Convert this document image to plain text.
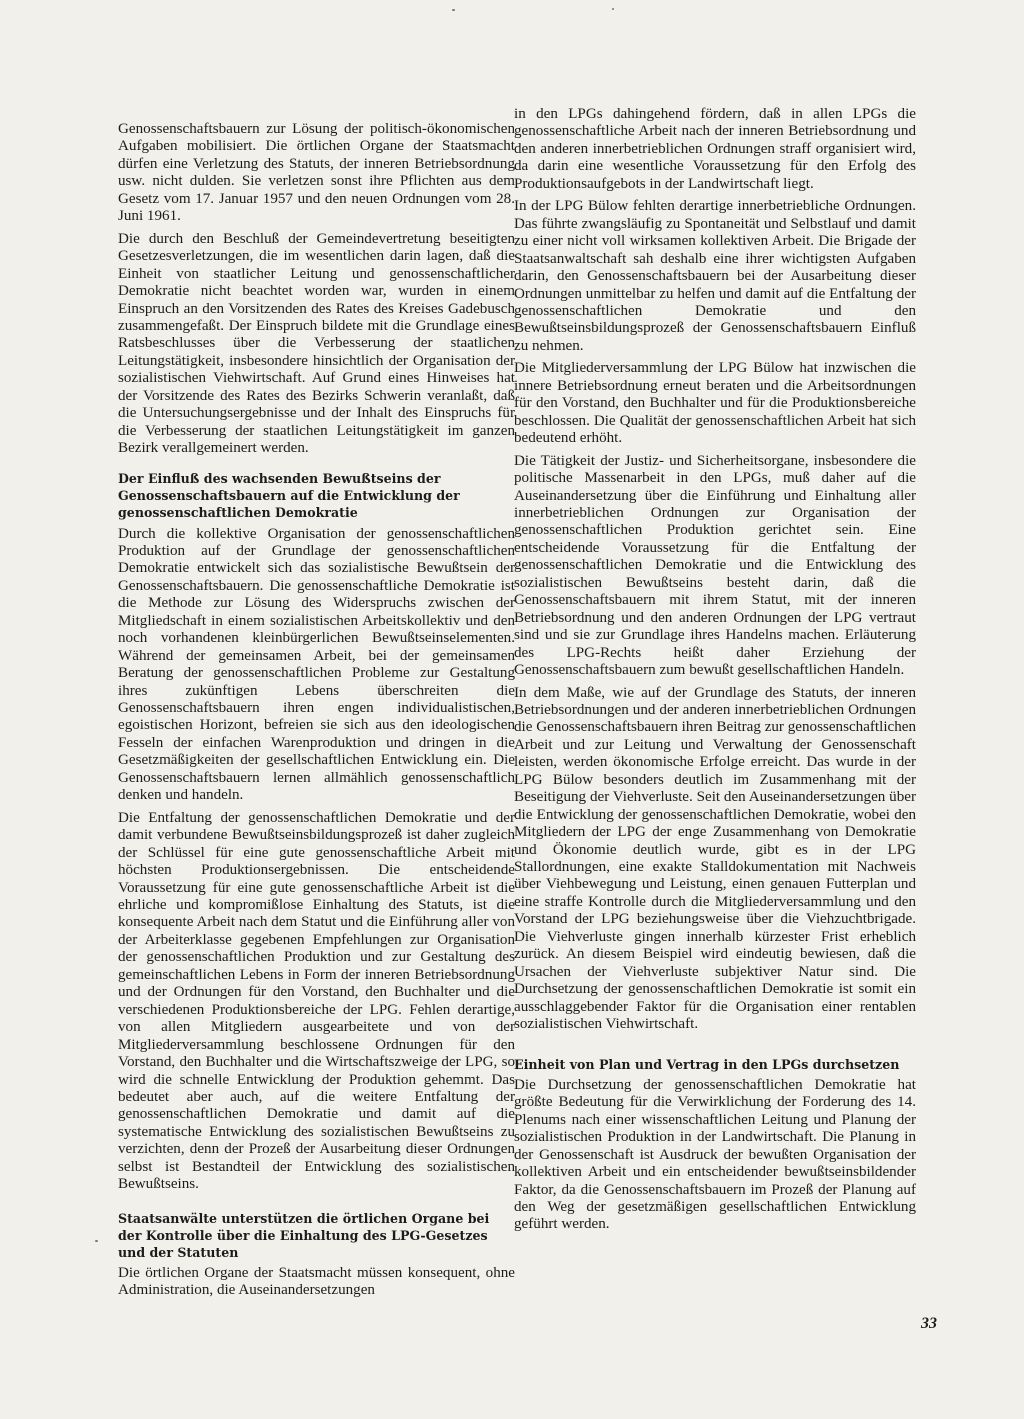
Genossenschaftsbauern zur Lösung der politisch-ökonomischen Aufgaben mobilisiert. Die örtlichen Organe der Staatsmacht dürfen eine Verletzung des Statuts, der inneren Betriebsordnung usw. nicht dulden. Sie verletzen sonst ihre Pflichten aus dem Gesetz vom 17. Januar 1957 und den neuen Ordnungen vom 28. Juni 1961.

Die durch den Beschluß der Gemeindevertretung beseitigten Gesetzesverletzungen, die im wesentlichen darin lagen, daß die Einheit von staatlicher Leitung und genossenschaftlicher Demokratie nicht beachtet worden war, wurden in einem Einspruch an den Vorsitzenden des Rates des Kreises Gadebusch zusammengefaßt. Der Einspruch bildete mit die Grundlage eines Ratsbeschlusses über die Verbesserung der staatlichen Leitungstätigkeit, insbesondere hinsichtlich der Organisation der sozialistischen Viehwirtschaft. Auf Grund eines Hinweises hat der Vorsitzende des Rates des Bezirks Schwerin veranlaßt, daß die Untersuchungsergebnisse und der Inhalt des Einspruchs für die Verbesserung der staatlichen Leitungstätigkeit im ganzen Bezirk verallgemeinert werden.

Der Einfluß des wachsenden Bewußtseins der Genossenschaftsbauern auf die Entwicklung der genossenschaftlichen Demokratie

Durch die kollektive Organisation der genossenschaftlichen Produktion auf der Grundlage der genossenschaftlichen Demokratie entwickelt sich das sozialistische Bewußtsein der Genossenschaftsbauern. Die genossenschaftliche Demokratie ist die Methode zur Lösung des Widerspruchs zwischen der Mitgliedschaft in einem sozialistischen Arbeitskollektiv und den noch vorhandenen kleinbürgerlichen Bewußtseinselementen. Während der gemeinsamen Arbeit, bei der gemeinsamen Beratung der genossenschaftlichen Probleme zur Gestaltung ihres zukünftigen Lebens überschreiten die Genossenschaftsbauern ihren engen individualistischen, egoistischen Horizont, befreien sie sich aus den ideologischen Fesseln der einfachen Warenproduktion und dringen in die Gesetzmäßigkeiten der gesellschaftlichen Entwicklung ein. Die Genossenschaftsbauern lernen allmählich genossenschaftlich denken und handeln.

Die Entfaltung der genossenschaftlichen Demokratie und der damit verbundene Bewußtseinsbildungsprozeß ist daher zugleich der Schlüssel für eine gute genossenschaftliche Arbeit mit höchsten Produktionsergebnissen. Die entscheidende Voraussetzung für eine gute genossenschaftliche Arbeit ist die ehrliche und kompromißlose Einhaltung des Statuts, ist die konsequente Arbeit nach dem Statut und die Einführung aller von der Arbeiterklasse gegebenen Empfehlungen zur Organisation der genossenschaftlichen Produktion und zur Gestaltung des gemeinschaftlichen Lebens in Form der inneren Betriebsordnung und der Ordnungen für den Vorstand, den Buchhalter und die verschiedenen Produktionsbereiche der LPG. Fehlen derartige, von allen Mitgliedern ausgearbeitete und von der Mitgliederversammlung beschlossene Ordnungen für den Vorstand, den Buchhalter und die Wirtschaftszweige der LPG, so wird die schnelle Entwicklung der Produktion gehemmt. Das bedeutet aber auch, auf die weitere Entfaltung der genossenschaftlichen Demokratie und damit auf die systematische Entwicklung des sozialistischen Bewußtseins zu verzichten, denn der Prozeß der Ausarbeitung dieser Ordnungen selbst ist Bestandteil der Entwicklung des sozialistischen Bewußtseins.

Staatsanwälte unterstützen die örtlichen Organe bei der Kontrolle über die Einhaltung des LPG-Gesetzes und der Statuten

Die örtlichen Organe der Staatsmacht müssen konsequent, ohne Administration, die Auseinandersetzungen

in den LPGs dahingehend fördern, daß in allen LPGs die genossenschaftliche Arbeit nach der inneren Betriebsordnung und den anderen innerbetrieblichen Ordnungen straff organisiert wird, da darin eine wesentliche Voraussetzung für den Erfolg des Produktionsaufgebots in der Landwirtschaft liegt.

In der LPG Bülow fehlten derartige innerbetriebliche Ordnungen. Das führte zwangsläufig zu Spontaneität und Selbstlauf und damit zu einer nicht voll wirksamen kollektiven Arbeit. Die Brigade der Staatsanwaltschaft sah deshalb eine ihrer wichtigsten Aufgaben darin, den Genossenschaftsbauern bei der Ausarbeitung dieser Ordnungen unmittelbar zu helfen und damit auf die Entfaltung der genossenschaftlichen Demokratie und den Bewußtseinsbildungsprozeß der Genossenschaftsbauern Einfluß zu nehmen.

Die Mitgliederversammlung der LPG Bülow hat inzwischen die innere Betriebsordnung erneut beraten und die Arbeitsordnungen für den Vorstand, den Buchhalter und für die Produktionsbereiche beschlossen. Die Qualität der genossenschaftlichen Arbeit hat sich bedeutend erhöht.

Die Tätigkeit der Justiz- und Sicherheitsorgane, insbesondere die politische Massenarbeit in den LPGs, muß daher auf die Auseinandersetzung über die Einführung und Einhaltung aller innerbetrieblichen Ordnungen zur Organisation der genossenschaftlichen Produktion gerichtet sein. Eine entscheidende Voraussetzung für die Entfaltung der genossenschaftlichen Demokratie und die Entwicklung des sozialistischen Bewußtseins besteht darin, daß die Genossenschaftsbauern mit ihrem Statut, mit der inneren Betriebsordnung und den anderen Ordnungen der LPG vertraut sind und sie zur Grundlage ihres Handelns machen. Erläuterung des LPG-Rechts heißt daher Erziehung der Genossenschaftsbauern zum bewußt gesellschaftlichen Handeln.

In dem Maße, wie auf der Grundlage des Statuts, der inneren Betriebsordnungen und der anderen innerbetrieblichen Ordnungen die Genossenschaftsbauern ihren Beitrag zur genossenschaftlichen Arbeit und zur Leitung und Verwaltung der Genossenschaft leisten, werden ökonomische Erfolge erreicht. Das wurde in der LPG Bülow besonders deutlich im Zusammenhang mit der Beseitigung der Viehverluste. Seit den Auseinandersetzungen über die Entwicklung der genossenschaftlichen Demokratie, wobei den Mitgliedern der LPG der enge Zusammenhang von Demokratie und Ökonomie deutlich wurde, gibt es in der LPG Stallordnungen, eine exakte Stalldokumentation mit Nachweis über Viehbewegung und Leistung, einen genauen Futterplan und eine straffe Kontrolle durch die Mitgliederversammlung und den Vorstand der LPG beziehungsweise über die Viehzuchtbrigade. Die Viehverluste gingen innerhalb kürzester Frist erheblich zurück. An diesem Beispiel wird eindeutig bewiesen, daß die Ursachen der Viehverluste subjektiver Natur sind. Die Durchsetzung der genossenschaftlichen Demokratie ist somit ein ausschlaggebender Faktor für die Organisation einer rentablen sozialistischen Viehwirtschaft.

Einheit von Plan und Vertrag in den LPGs durchsetzen

Die Durchsetzung der genossenschaftlichen Demokratie hat größte Bedeutung für die Verwirklichung der Forderung des 14. Plenums nach einer wissenschaftlichen Leitung und Planung der sozialistischen Produktion in der Landwirtschaft. Die Planung in der Genossenschaft ist Ausdruck der bewußten Organisation der kollektiven Arbeit und ein entscheidender bewußtseinsbildender Faktor, da die Genossenschaftsbauern im Prozeß der Planung auf den Weg der gesetzmäßigen gesellschaftlichen Entwicklung geführt werden.

33
